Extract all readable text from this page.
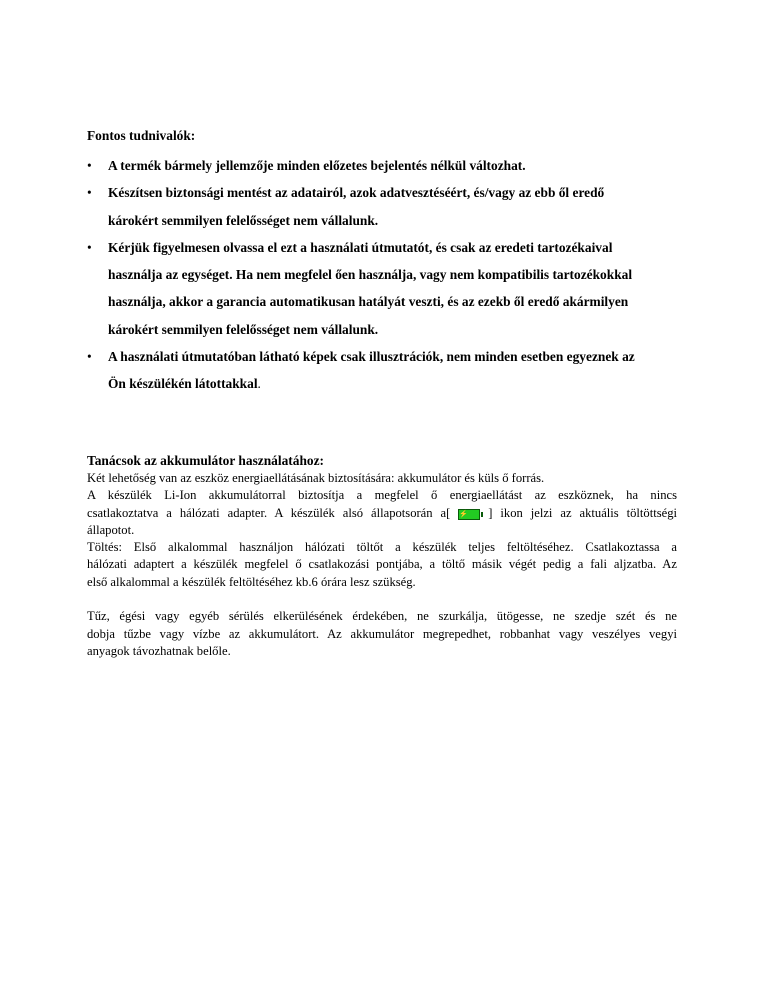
Fontos tudnivalók:
• A termék bármely jellemzője minden előzetes bejelentés nélkül változhat.
• Készítsen biztonsági mentést az adatairól, azok adatvesztéséért, és/vagy az ebb ől eredő
károkért semmilyen felelősséget nem vállalunk.
• Kérjük figyelmesen olvassa el ezt a használati útmutatót, és csak az eredeti tartozékaival
használja az egységet. Ha nem megfelel ően használja, vagy nem kompatibilis tartozékokkal
használja, akkor a garancia automatikusan hatályát veszti, és az ezekb ől eredő akármilyen
károkért semmilyen felelősséget nem vállalunk.
• A használati útmutatóban látható képek csak illusztrációk, nem minden esetben egyeznek az
Ön készülékén látottakkal.
Tanácsok az akkumulátor használatához:
Két lehetőség van az eszköz energiaellátásának biztosítására: akkumulátor és küls ő forrás.
A készülék Li-Ion akkumulátorral biztosítja a megfelel ő energiaellátást az eszköznek, ha nincs
csatlakoztatva a hálózati adapter. A készülék alsó állapotsorán a[ ⚡ ] ikon jelzi az aktuális töltöttségi
állapotot.
Töltés: Első alkalommal használjon hálózati töltőt a készülék teljes feltöltéséhez. Csatlakoztassa a
hálózati adaptert a készülék megfelel ő csatlakozási pontjába, a töltő másik végét pedig a fali aljzatba. Az
első alkalommal a készülék feltöltéséhez kb.6 órára lesz szükség.
Tűz, égési vagy egyéb sérülés elkerülésének érdekében, ne szurkálja, ütögesse, ne szedje szét és ne
dobja tűzbe vagy vízbe az akkumulátort. Az akkumulátor megrepedhet, robbanhat vagy veszélyes vegyi
anyagok távozhatnak belőle.
